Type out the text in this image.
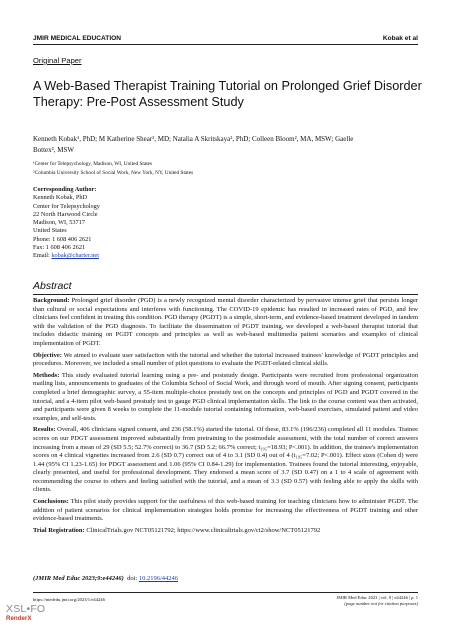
JMIR MEDICAL EDUCATION	Kobak et al
Original Paper
A Web-Based Therapist Training Tutorial on Prolonged Grief Disorder Therapy: Pre-Post Assessment Study
Kenneth Kobak¹, PhD; M Katherine Shear², MD; Natalia A Skritskaya², PhD; Colleen Bloom², MA, MSW; Gaelle
Bottex², MSW
¹Center for Telepsychology, Madison, WI, United States
²Columbia University School of Social Work, New York, NY, United States
Corresponding Author:
Kenneth Kobak, PhD
Center for Telepsychology
22 North Harwood Circle
Madison, WI, 53717
United States
Phone: 1 608 406 2621
Fax: 1 608 406 2621
Email: kobak@charter.net
Abstract

Background: Prolonged grief disorder (PGD) is a newly recognized mental disorder characterized by pervasive intense grief that persists longer than cultural or social expectations and interferes with functioning. The COVID-19 epidemic has resulted in increased rates of PGD, and few clinicians feel confident in treating this condition. PGD therapy (PGDT) is a simple, short-term, and evidence-based treatment developed in tandem with the validation of the PGD diagnosis. To facilitate the dissemination of PGDT training, we developed a web-based therapist tutorial that includes didactic training on PGDT concepts and principles as well as web-based multimedia patient scenarios and examples of clinical implementation of PGDT.

Objective: We aimed to evaluate user satisfaction with the tutorial and whether the tutorial increased trainees' knowledge of PGDT principles and procedures. Moreover, we included a small number of pilot questions to evaluate the PGDT-related clinical skills.

Methods: This study evaluated tutorial learning using a pre- and poststudy design. Participants were recruited from professional organization mailing lists, announcements to graduates of the Columbia School of Social Work, and through word of mouth. After signing consent, participants completed a brief demographic survey, a 55-item multiple-choice prestudy test on the concepts and principles of PGD and PGDT covered in the tutorial, and a 4-item pilot web-based prestudy test to gauge PGD clinical implementation skills. The link to the course content was then activated, and participants were given 8 weeks to complete the 11-module tutorial containing information, web-based exercises, simulated patient and video examples, and self-tests.

Results: Overall, 406 clinicians signed consent, and 236 (58.1%) started the tutorial. Of these, 83.1% (196/236) completed all 11 modules. Trainee scores on our PDGT assessment improved substantially from pretraining to the postmodule assessment, with the total number of correct answers increasing from a mean of 29 (SD 5.5; 52.7% correct) to 36.7 (SD 5.2; 66.7% correct; t₁₉₅=18.93; P<.001). In addition, the trainee's implementation scores on 4 clinical vignettes increased from 2.6 (SD 0.7) correct out of 4 to 3.1 (SD 0.4) out of 4 (t₁₉₅=7.02; P<.001). Effect sizes (Cohen d) were 1.44 (95% CI 1.23-1.65) for PDGT assessment and 1.06 (95% CI 0.84-1.29) for implementation. Trainees found the tutorial interesting, enjoyable, clearly presented, and useful for professional development. They endorsed a mean score of 3.7 (SD 0.47) on a 1 to 4 scale of agreement with recommending the course to others and feeling satisfied with the tutorial, and a mean of 3.3 (SD 0.57) with feeling able to apply the skills with clients.

Conclusions: This pilot study provides support for the usefulness of this web-based training for teaching clinicians how to administer PGDT. The addition of patient scenarios for clinical implementation strategies holds promise for increasing the effectiveness of PGDT training and other evidence-based treatments.

Trial Registration: ClinicalTrials.gov NCT05121792; https://www.clinicaltrials.gov/ct2/show/NCT05121792

(JMIR Med Educ 2023;9:e44246) doi: 10.2196/44246
https://mededu.jmir.org/2023/1/e44246	JMIR Med Educ 2023 | vol. 9 | e44246 | p. 1
(page number not for citation purposes)
XSL•FO
RenderX
